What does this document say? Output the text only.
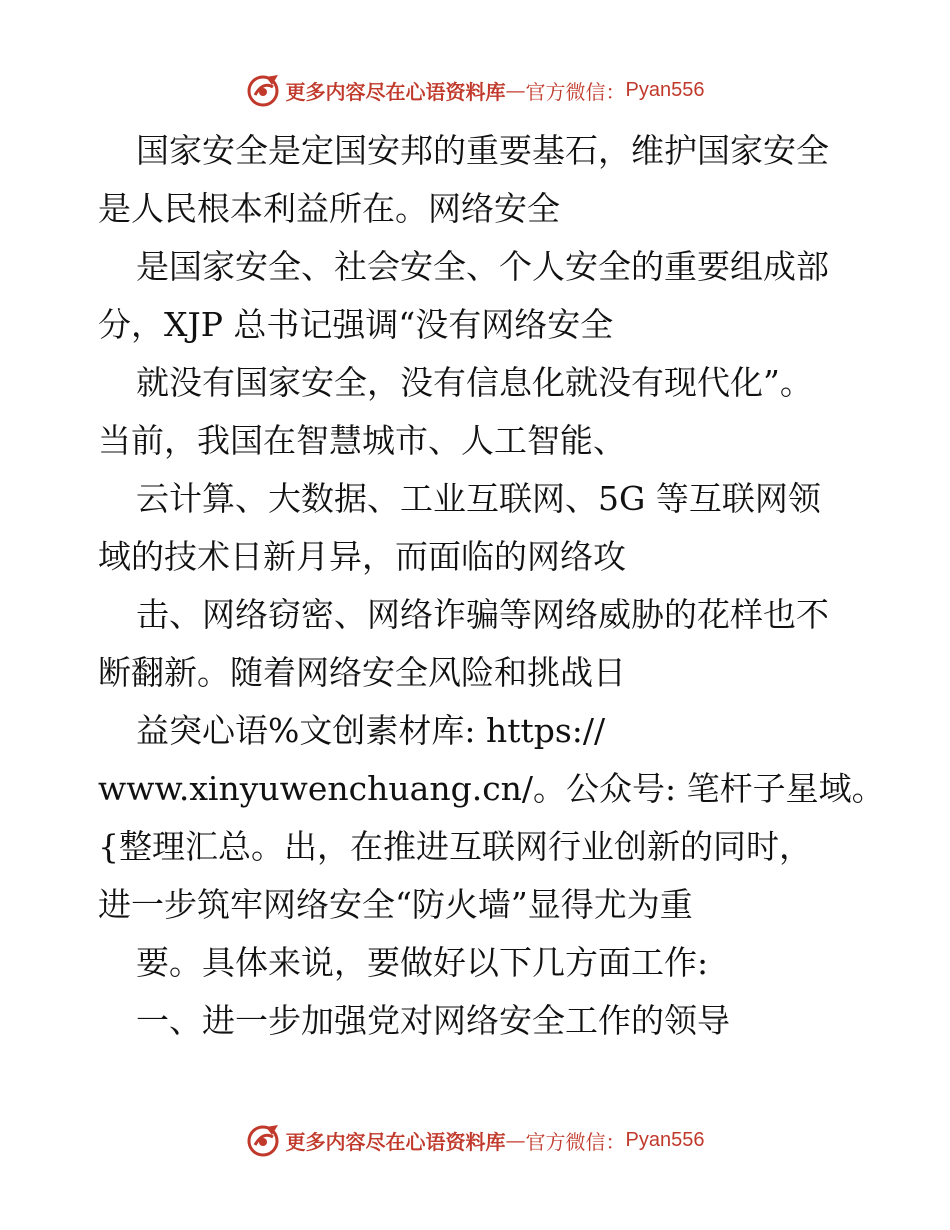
更多内容尽在心语资料库 — 官方微信： Pyan556
国家安全是定国安邦的重要基石，维护国家安全
是人民根本利益所在。网络安全
是国家安全、社会安全、个人安全的重要组成部
分，XJP 总书记强调“没有网络安全
就没有国家安全，没有信息化就没有现代化”。
当前，我国在智慧城市、人工智能、
云计算、大数据、工业互联网、5G 等互联网领
域的技术日新月异，而面临的网络攻
击、网络窃密、网络诈骗等网络威胁的花样也不
断翻新。随着网络安全风险和挑战日
益突心语%文创素材库: https://
www.xinyuwenchuang.cn/。公众号: 笔杆子星域。
{整理汇总。出，在推进互联网行业创新的同时，
进一步筑牢网络安全“防火墙”显得尤为重
要。具体来说，要做好以下几方面工作:
一、进一步加强党对网络安全工作的领导
更多内容尽在心语资料库 — 官方微信： Pyan556
